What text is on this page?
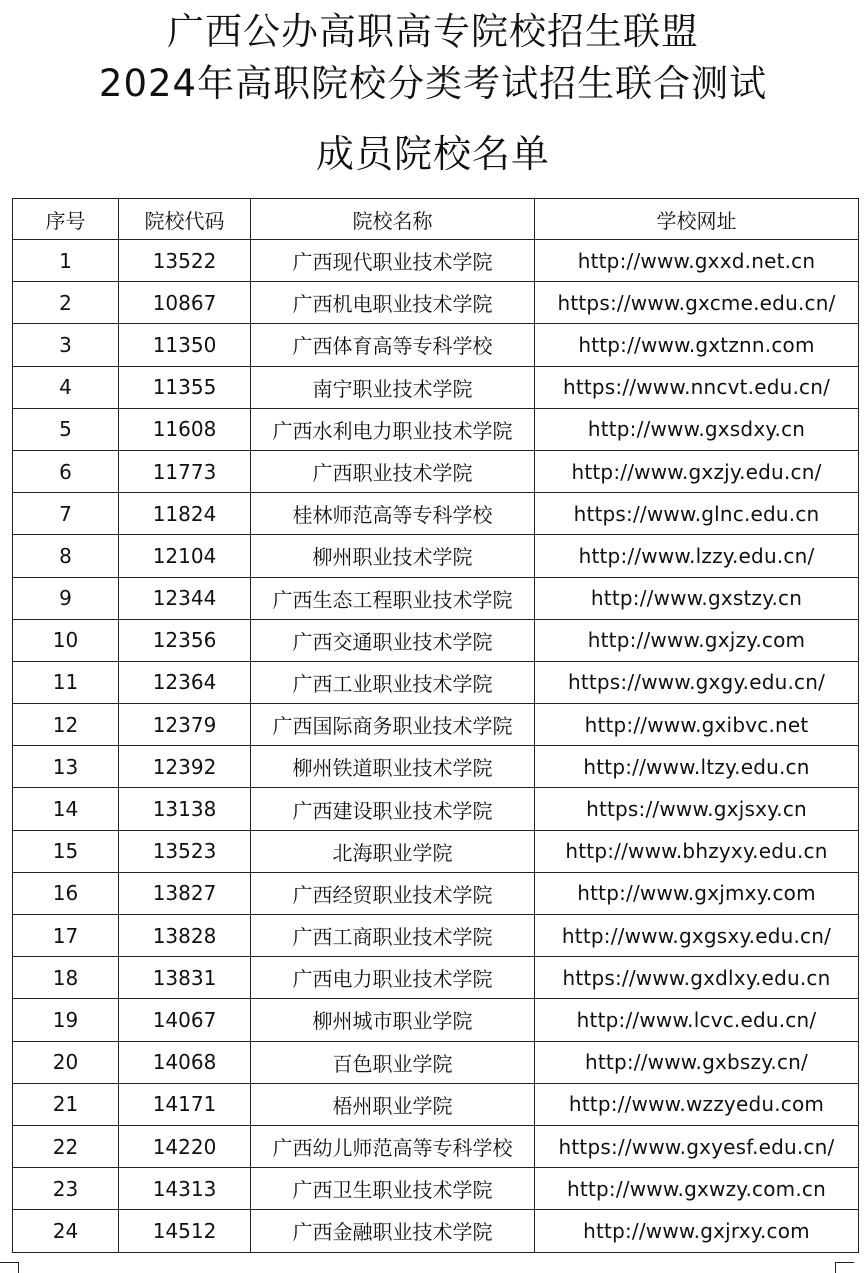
广西公办高职高专院校招生联盟
2024年高职院校分类考试招生联合测试
成员院校名单
序号	院校代码	院校名称	学校网址
1	13522	广西现代职业技术学院	http://www.gxxd.net.cn
2	10867	广西机电职业技术学院	https://www.gxcme.edu.cn/
3	11350	广西体育高等专科学校	http://www.gxtznn.com
4	11355	南宁职业技术学院	https://www.nncvt.edu.cn/
5	11608	广西水利电力职业技术学院	http://www.gxsdxy.cn
6	11773	广西职业技术学院	http://www.gxzjy.edu.cn/
7	11824	桂林师范高等专科学校	https://www.glnc.edu.cn
8	12104	柳州职业技术学院	http://www.lzzy.edu.cn/
9	12344	广西生态工程职业技术学院	http://www.gxstzy.cn
10	12356	广西交通职业技术学院	http://www.gxjzy.com
11	12364	广西工业职业技术学院	https://www.gxgy.edu.cn/
12	12379	广西国际商务职业技术学院	http://www.gxibvc.net
13	12392	柳州铁道职业技术学院	http://www.ltzy.edu.cn
14	13138	广西建设职业技术学院	https://www.gxjsxy.cn
15	13523	北海职业学院	http://www.bhzyxy.edu.cn
16	13827	广西经贸职业技术学院	http://www.gxjmxy.com
17	13828	广西工商职业技术学院	http://www.gxgsxy.edu.cn/
18	13831	广西电力职业技术学院	https://www.gxdlxy.edu.cn
19	14067	柳州城市职业学院	http://www.lcvc.edu.cn/
20	14068	百色职业学院	http://www.gxbszy.cn/
21	14171	梧州职业学院	http://www.wzzyedu.com
22	14220	广西幼儿师范高等专科学校	https://www.gxyesf.edu.cn/
23	14313	广西卫生职业技术学院	http://www.gxwzy.com.cn
24	14512	广西金融职业技术学院	http://www.gxjrxy.com
